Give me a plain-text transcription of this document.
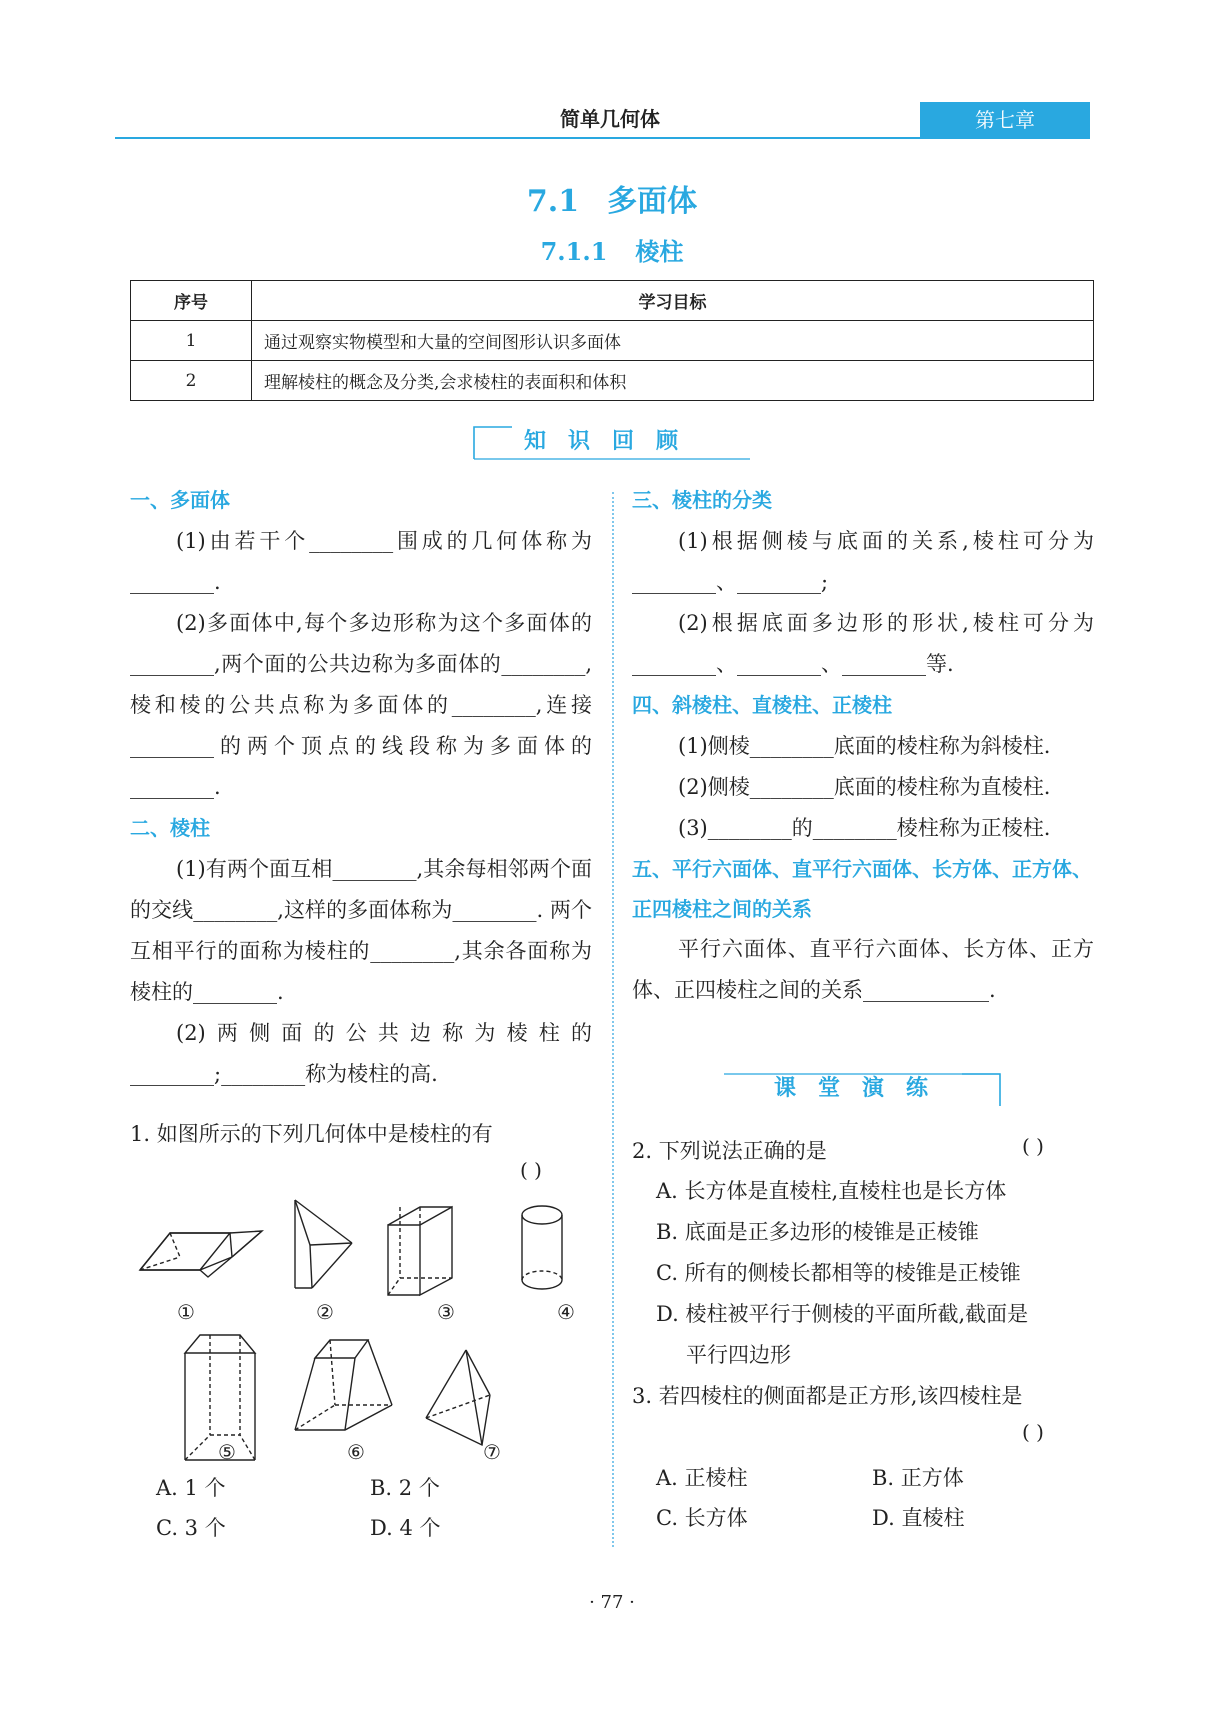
简单几何体	第七章
7.1 多面体
7.1.1 棱柱
序号	学习目标
1	通过观察实物模型和大量的空间图形认识多面体
2	理解棱柱的概念及分类,会求棱柱的表面积和体积
知识回顾
一、多面体
(1)由若干个________围成的几何体称为________.
(2)多面体中,每个多边形称为这个多面体的________,两个面的公共边称为多面体的________,棱和棱的公共点称为多面体的________,连接________的两个顶点的线段称为多面体的________.
二、棱柱
(1)有两个面互相________,其余每相邻两个面的交线________,这样的多面体称为________. 两个互相平行的面称为棱柱的________,其余各面称为棱柱的________.
(2)两侧面的公共边称为棱柱的________;________称为棱柱的高.
三、棱柱的分类
(1)根据侧棱与底面的关系,棱柱可分为________、________;
(2)根据底面多边形的形状,棱柱可分为________、________、________等.
四、斜棱柱、直棱柱、正棱柱
(1)侧棱________底面的棱柱称为斜棱柱.
(2)侧棱________底面的棱柱称为直棱柱.
(3)________的________棱柱称为正棱柱.
五、平行六面体、直平行六面体、长方体、正方体、正四棱柱之间的关系
平行六面体、直平行六面体、长方体、正方体、正四棱柱之间的关系____________.
课堂演练
1. 如图所示的下列几何体中是棱柱的有
( )
①	②	③	④
⑤	⑥	⑦
A. 1 个	B. 2 个
C. 3 个	D. 4 个
2. 下列说法正确的是	( )
A. 长方体是直棱柱,直棱柱也是长方体
B. 底面是正多边形的棱锥是正棱锥
C. 所有的侧棱长都相等的棱锥是正棱锥
D. 棱柱被平行于侧棱的平面所截,截面是
平行四边形
3. 若四棱柱的侧面都是正方形,该四棱柱是
( )
A. 正棱柱	B. 正方体
C. 长方体	D. 直棱柱
· 77 ·
